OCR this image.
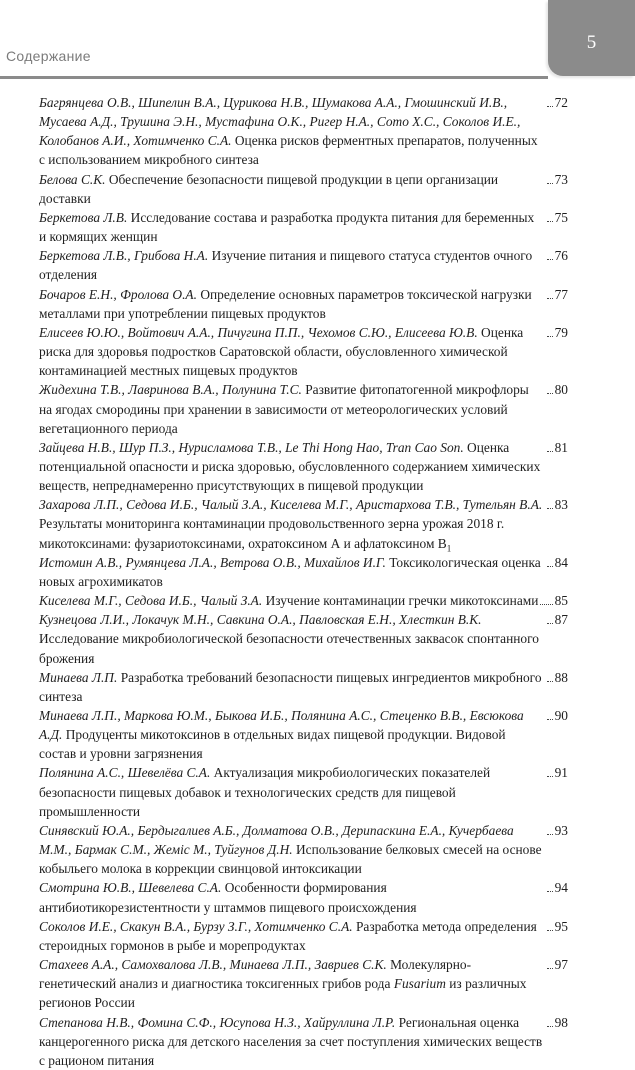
5
Содержание
Багрянцева О.В., Шипелин В.А., Цурикова Н.В., Шумакова А.А., Гмошинский И.В., Мусаева А.Д., Трушина Э.Н., Мустафина О.К., Ригер Н.А., Сото Х.С., Соколов И.Е., Колобанов А.И., Хотимченко С.А. Оценка рисков ферментных препаратов, полученных с использованием микробного синтеза
72
Белова С.К. Обеспечение безопасности пищевой продукции в цепи организации доставки
73
Беркетова Л.В. Исследование состава и разработка продукта питания для беременных и кормящих женщин
75
Беркетова Л.В., Грибова Н.А. Изучение питания и пищевого статуса студентов очного отделения
76
Бочаров Е.Н., Фролова О.А. Определение основных параметров токсической нагрузки металлами при употреблении пищевых продуктов
77
Елисеев Ю.Ю., Войтович А.А., Пичугина П.П., Чехомов С.Ю., Елисеева Ю.В. Оценка риска для здоровья подростков Саратовской области, обусловленного химической контаминацией местных пищевых продуктов
79
Жидехина Т.В., Лавринова В.А., Полунина Т.С. Развитие фитопатогенной микрофлоры на ягодах смородины при хранении в зависимости от метеорологических условий вегетационного периода
80
Зайцева Н.В., Шур П.З., Нурисламова Т.В., Le Thi Hong Hao, Tran Cao Son. Оценка потенциальной опасности и риска здоровью, обусловленного содержанием химических веществ, непреднамеренно присутствующих в пищевой продукции
81
Захарова Л.П., Седова И.Б., Чалый З.А., Киселева М.Г., Аристархова Т.В., Тутельян В.А. Результаты мониторинга контаминации продовольственного зерна урожая 2018 г. микотоксинами: фузариотоксинами, охратоксином А и афлатоксином $B_1$
83
Истомин А.В., Румянцева Л.А., Ветрова О.В., Михайлов И.Г. Токсикологическая оценка новых агрохимикатов
84
Киселева М.Г., Седова И.Б., Чалый З.А. Изучение контаминации гречки микотоксинами 85
Кузнецова Л.И., Локачук М.Н., Савкина О.А., Павловская Е.Н., Хлесткин В.К. Исследование микробиологической безопасности отечественных заквасок спонтанного брожения
87
Минаева Л.П. Разработка требований безопасности пищевых ингредиентов микробного синтеза
88
Минаева Л.П., Маркова Ю.М., Быкова И.Б., Полянина А.С., Стеценко В.В., Евсюкова А.Д. Продуценты микотоксинов в отдельных видах пищевой продукции. Видовой состав и уровни загрязнения
90
Полянина А.С., Шевелёва С.А. Актуализация микробиологических показателей безопасности пищевых добавок и технологических средств для пищевой промышленности
91
Синявский Ю.А., Бердыгалиев А.Б., Долматова О.В., Дерипаскина Е.А., Кучербаева М.М., Бармак С.М., Жеміс М., Туйгунов Д.Н. Использование белковых смесей на основе кобыльего молока в коррекции свинцовой интоксикации
93
Смотрина Ю.В., Шевелева С.А. Особенности формирования антибиотикорезистентности у штаммов пищевого происхождения
94
Соколов И.Е., Скакун В.А., Бурзу З.Г., Хотимченко С.А. Разработка метода определения стероидных гормонов в рыбе и морепродуктах
95
Стахеев А.А., Самохвалова Л.В., Минаева Л.П., Завриев С.К. Молекулярно-генетический анализ и диагностика токсигенных грибов рода Fusarium из различных регионов России
97
Степанова Н.В., Фомина С.Ф., Юсупова Н.З., Хайруллина Л.Р. Региональная оценка канцерогенного риска для детского населения за счет поступления химических веществ с рационом питания
98
